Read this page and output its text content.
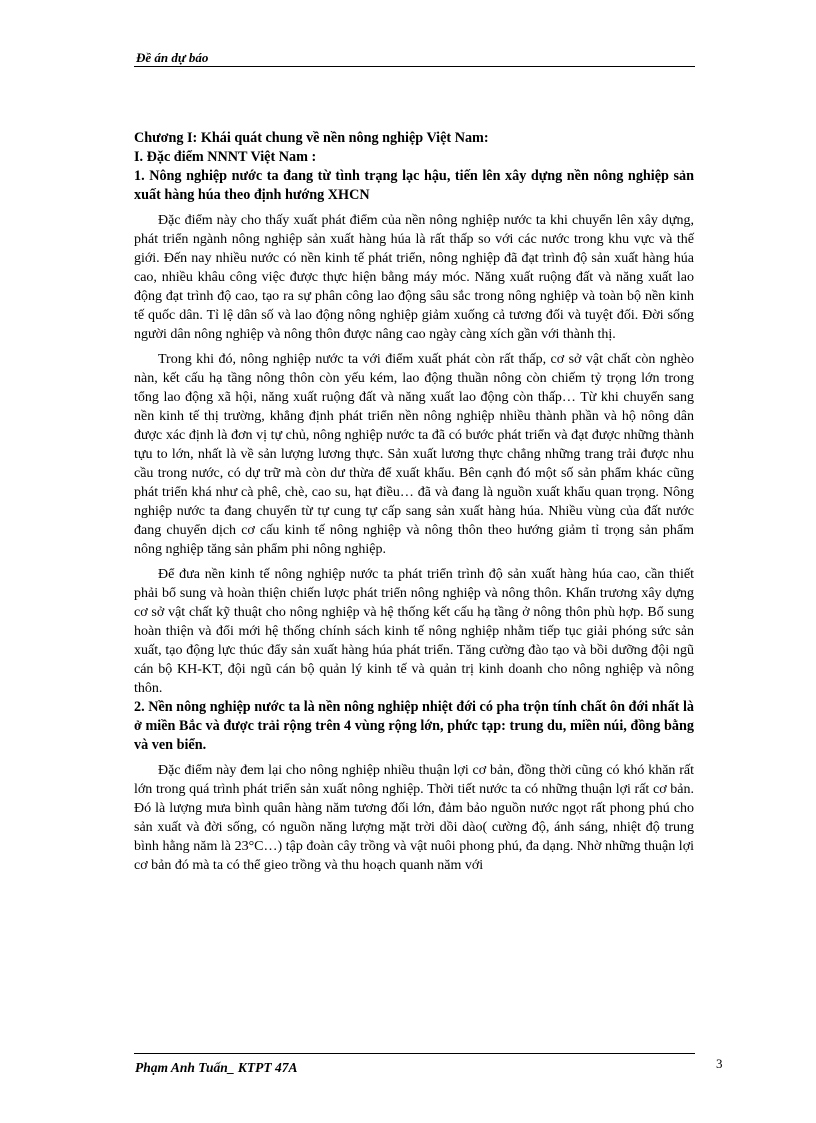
Đề án dự báo

Chương I: Khái quát chung về nền nông nghiệp Việt Nam:

I. Đặc điểm NNNT Việt Nam :

1. Nông nghiệp nước ta đang từ tình trạng lạc hậu, tiến lên xây dựng nền nông nghiệp sản xuất hàng húa theo định hướng XHCN

Đặc điểm này cho thấy xuất phát điểm của nền nông nghiệp nước ta khi chuyển lên xây dựng, phát triển ngành nông nghiệp sản xuất hàng húa là rất thấp so với các nước trong khu vực và thế giới. Đến nay nhiều nước có nền kinh tế phát triển, nông nghiệp đã đạt trình độ sản xuất hàng húa cao, nhiều khâu công việc được thực hiện bằng máy móc. Năng xuất ruộng đất và năng xuất lao động đạt trình độ cao, tạo ra sự phân công lao động sâu sắc trong nông nghiệp và toàn bộ nền kinh tế quốc dân. Tỉ lệ dân số và lao động nông nghiệp giảm xuống cả tương đối và tuyệt đối. Đời sống người dân nông nghiệp và nông thôn được nâng cao ngày càng xích gần với thành thị.

Trong khi đó, nông nghiệp nước ta với điểm xuất phát còn rất thấp, cơ sở vật chất còn nghèo nàn, kết cấu hạ tầng nông thôn còn yếu kém, lao động thuần nông còn chiếm tỷ trọng lớn trong tổng lao động xã hội, năng xuất ruộng đất và năng xuất lao động còn thấp… Từ khi chuyển sang nền kinh tế thị trường, khẳng định phát triển nền nông nghiệp nhiều thành phần và hộ nông dân được xác định là đơn vị tự chủ, nông nghiệp nước ta đã có bước phát triển và đạt được những thành tựu to lớn, nhất là về sản lượng lương thực. Sản xuất lương thực chẳng những trang trải được nhu cầu trong nước, có dự trữ mà còn dư thừa để xuất khẩu. Bên cạnh đó một số sản phẩm khác cũng phát triển khá như cà phê, chè, cao su, hạt điều… đã và đang là nguồn xuất khẩu quan trọng. Nông nghiệp nước ta đang chuyển từ tự cung tự cấp sang sản xuất hàng húa. Nhiều vùng của đất nước đang chuyển dịch cơ cấu kinh tế nông nghiệp và nông thôn theo hướng giảm tỉ trọng sản phẩm nông nghiệp tăng sản phẩm phi nông nghiệp.

Để đưa nền kinh tế nông nghiệp nước ta phát triển trình độ sản xuất hàng húa cao, cần thiết phải bổ sung và hoàn thiện chiến lược phát triển nông nghiệp và nông thôn. Khẩn trương xây dựng cơ sở vật chất kỹ thuật cho nông nghiệp và hệ thống kết cấu hạ tầng ở nông thôn phù hợp. Bổ sung hoàn thiện và đổi mới hệ thống chính sách kinh tế nông nghiệp nhằm tiếp tục giải phóng sức sản xuất, tạo động lực thúc đẩy sản xuất hàng húa phát triển. Tăng cường đào tạo và bồi dưỡng đội ngũ cán bộ KH-KT, đội ngũ cán bộ quản lý kinh tế và quản trị kinh doanh cho nông nghiệp và nông thôn.

2. Nền nông nghiệp nước ta là nền nông nghiệp nhiệt đới có pha trộn tính chất ôn đới nhất là ở miền Bắc và được trải rộng trên 4 vùng rộng lớn, phức tạp: trung du, miền núi, đồng bằng và ven biển.

Đặc điểm này đem lại cho nông nghiệp nhiều thuận lợi cơ bản, đồng thời cũng có khó khăn rất lớn trong quá trình phát triển sản xuất nông nghiệp. Thời tiết nước ta có những thuận lợi rất cơ bản. Đó là lượng mưa bình quân hàng năm tương đối lớn, đảm bảo nguồn nước ngọt rất phong phú cho sản xuất và đời sống, có nguồn năng lượng mặt trời dồi dào( cường độ, ánh sáng, nhiệt độ trung bình hằng năm là 23°C…) tập đoàn cây trồng và vật nuôi phong phú, đa dạng. Nhờ những thuận lợi cơ bản đó mà ta có thể gieo trồng và thu hoạch quanh năm với

Phạm Anh Tuấn_ KTPT 47A	3
